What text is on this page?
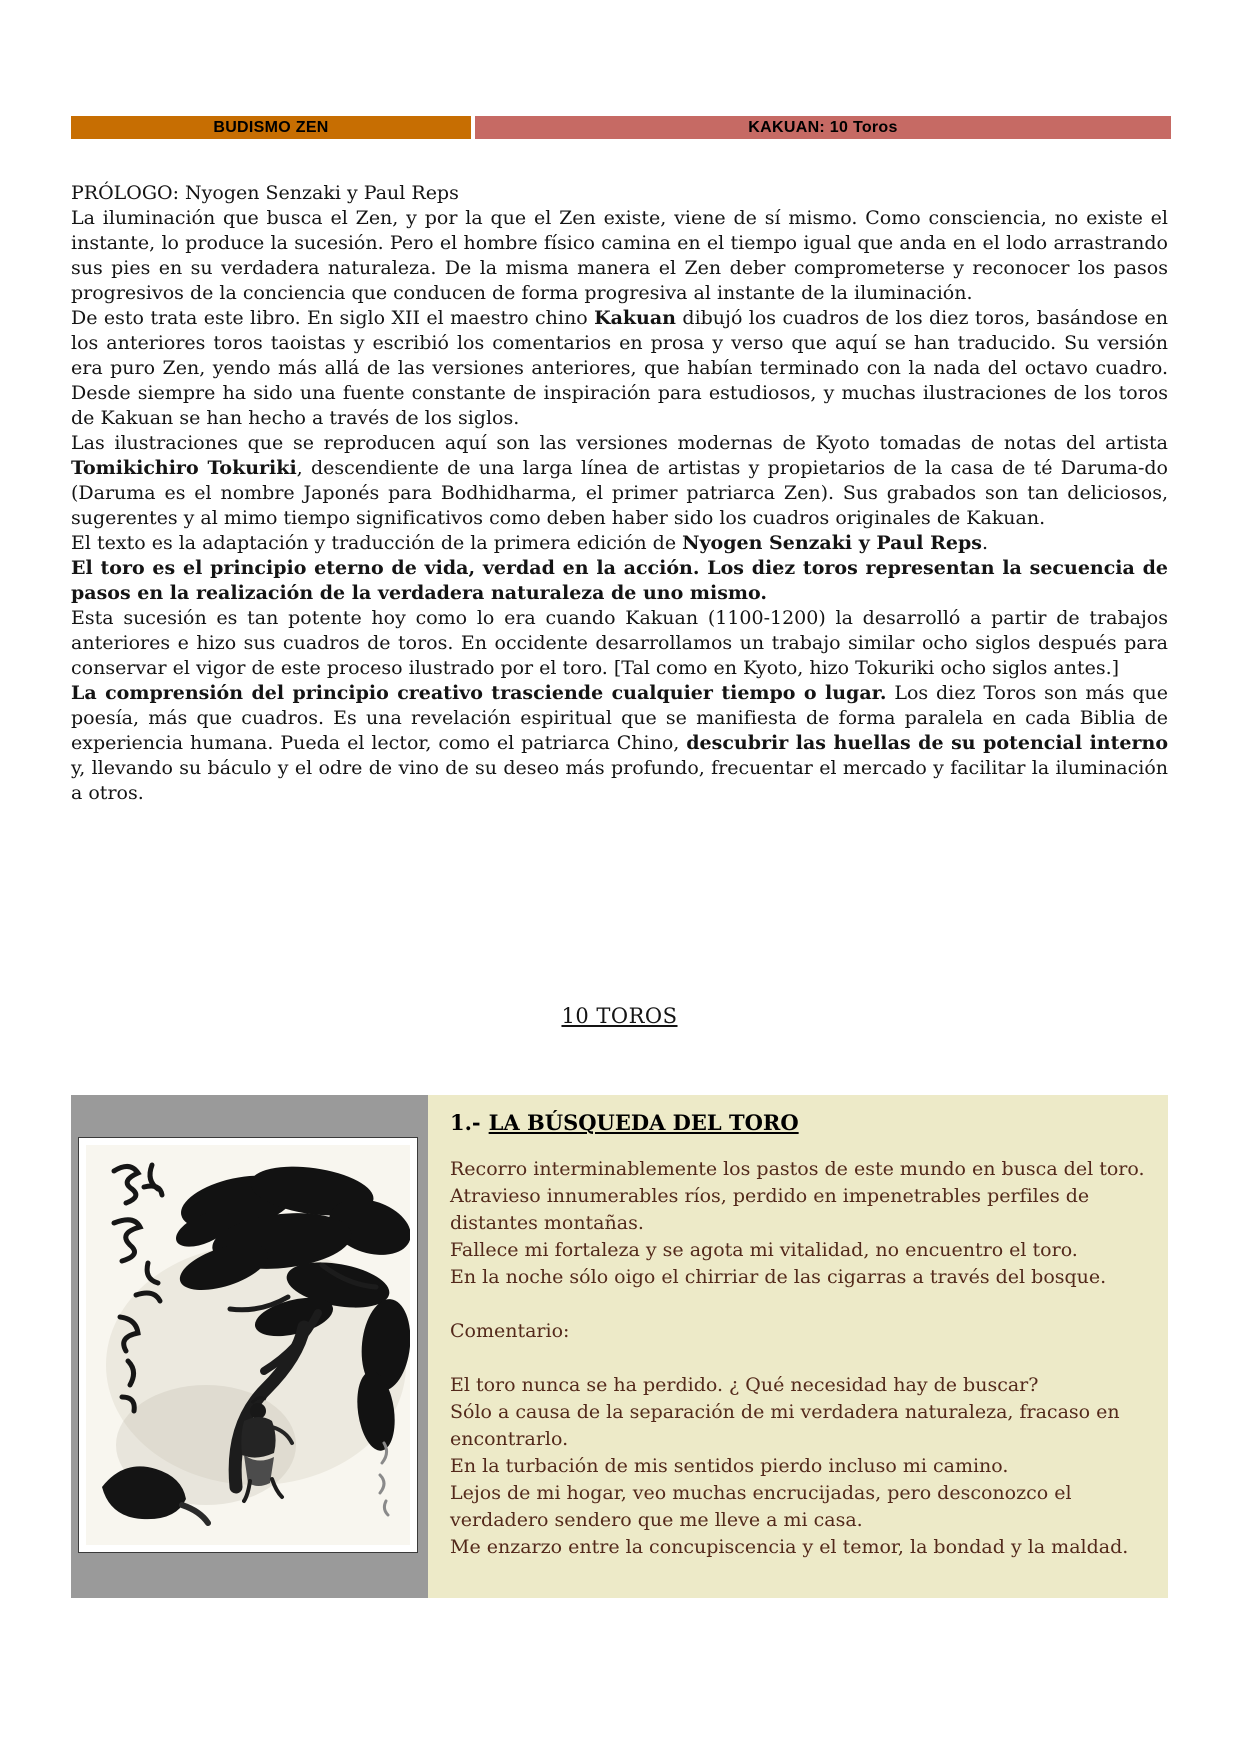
BUDISMO ZEN	KAKUAN: 10 Toros

PRÓLOGO: Nyogen Senzaki y Paul Reps

La iluminación que busca el Zen, y por la que el Zen existe, viene de sí mismo. Como consciencia, no existe el instante, lo produce la sucesión. Pero el hombre físico camina en el tiempo igual que anda en el lodo arrastrando sus pies en su verdadera naturaleza. De la misma manera el Zen deber comprometerse y reconocer los pasos progresivos de la conciencia que conducen de forma progresiva al instante de la iluminación.

De esto trata este libro. En siglo XII el maestro chino Kakuan dibujó los cuadros de los diez toros, basándose en los anteriores toros taoistas y escribió los comentarios en prosa y verso que aquí se han traducido. Su versión era puro Zen, yendo más allá de las versiones anteriores, que habían terminado con la nada del octavo cuadro. Desde siempre ha sido una fuente constante de inspiración para estudiosos, y muchas ilustraciones de los toros de Kakuan se han hecho a través de los siglos.

Las ilustraciones que se reproducen aquí son las versiones modernas de Kyoto tomadas de notas del artista Tomikichiro Tokuriki, descendiente de una larga línea de artistas y propietarios de la casa de té Daruma-do (Daruma es el nombre Japonés para Bodhidharma, el primer patriarca Zen). Sus grabados son tan deliciosos, sugerentes y al mimo tiempo significativos como deben haber sido los cuadros originales de Kakuan.

El texto es la adaptación y traducción de la primera edición de Nyogen Senzaki y Paul Reps.

El toro es el principio eterno de vida, verdad en la acción. Los diez toros representan la secuencia de pasos en la realización de la verdadera naturaleza de uno mismo.

Esta sucesión es tan potente hoy como lo era cuando Kakuan (1100-1200) la desarrolló a partir de trabajos anteriores e hizo sus cuadros de toros. En occidente desarrollamos un trabajo similar ocho siglos después para conservar el vigor de este proceso ilustrado por el toro. [Tal como en Kyoto, hizo Tokuriki ocho siglos antes.]

La comprensión del principio creativo trasciende cualquier tiempo o lugar. Los diez Toros son más que poesía, más que cuadros. Es una revelación espiritual que se manifiesta de forma paralela en cada Biblia de experiencia humana. Pueda el lector, como el patriarca Chino, descubrir las huellas de su potencial interno y, llevando su báculo y el odre de vino de su deseo más profundo, frecuentar el mercado y facilitar la iluminación a otros.

10 TOROS
1.- LA BÚSQUEDA DEL TORO
Recorro interminablemente los pastos de este mundo en busca del toro.
Atravieso innumerables ríos, perdido en impenetrables perfiles de
distantes montañas.
Fallece mi fortaleza y se agota mi vitalidad, no encuentro el toro.
En la noche sólo oigo el chirriar de las cigarras a través del bosque.

Comentario:

El toro nunca se ha perdido. ¿ Qué necesidad hay de buscar?
Sólo a causa de la separación de mi verdadera naturaleza, fracaso en
encontrarlo.
En la turbación de mis sentidos pierdo incluso mi camino.
Lejos de mi hogar, veo muchas encrucijadas, pero desconozco el
verdadero sendero que me lleve a mi casa.
Me enzarzo entre la concupiscencia y el temor, la bondad y la maldad.
